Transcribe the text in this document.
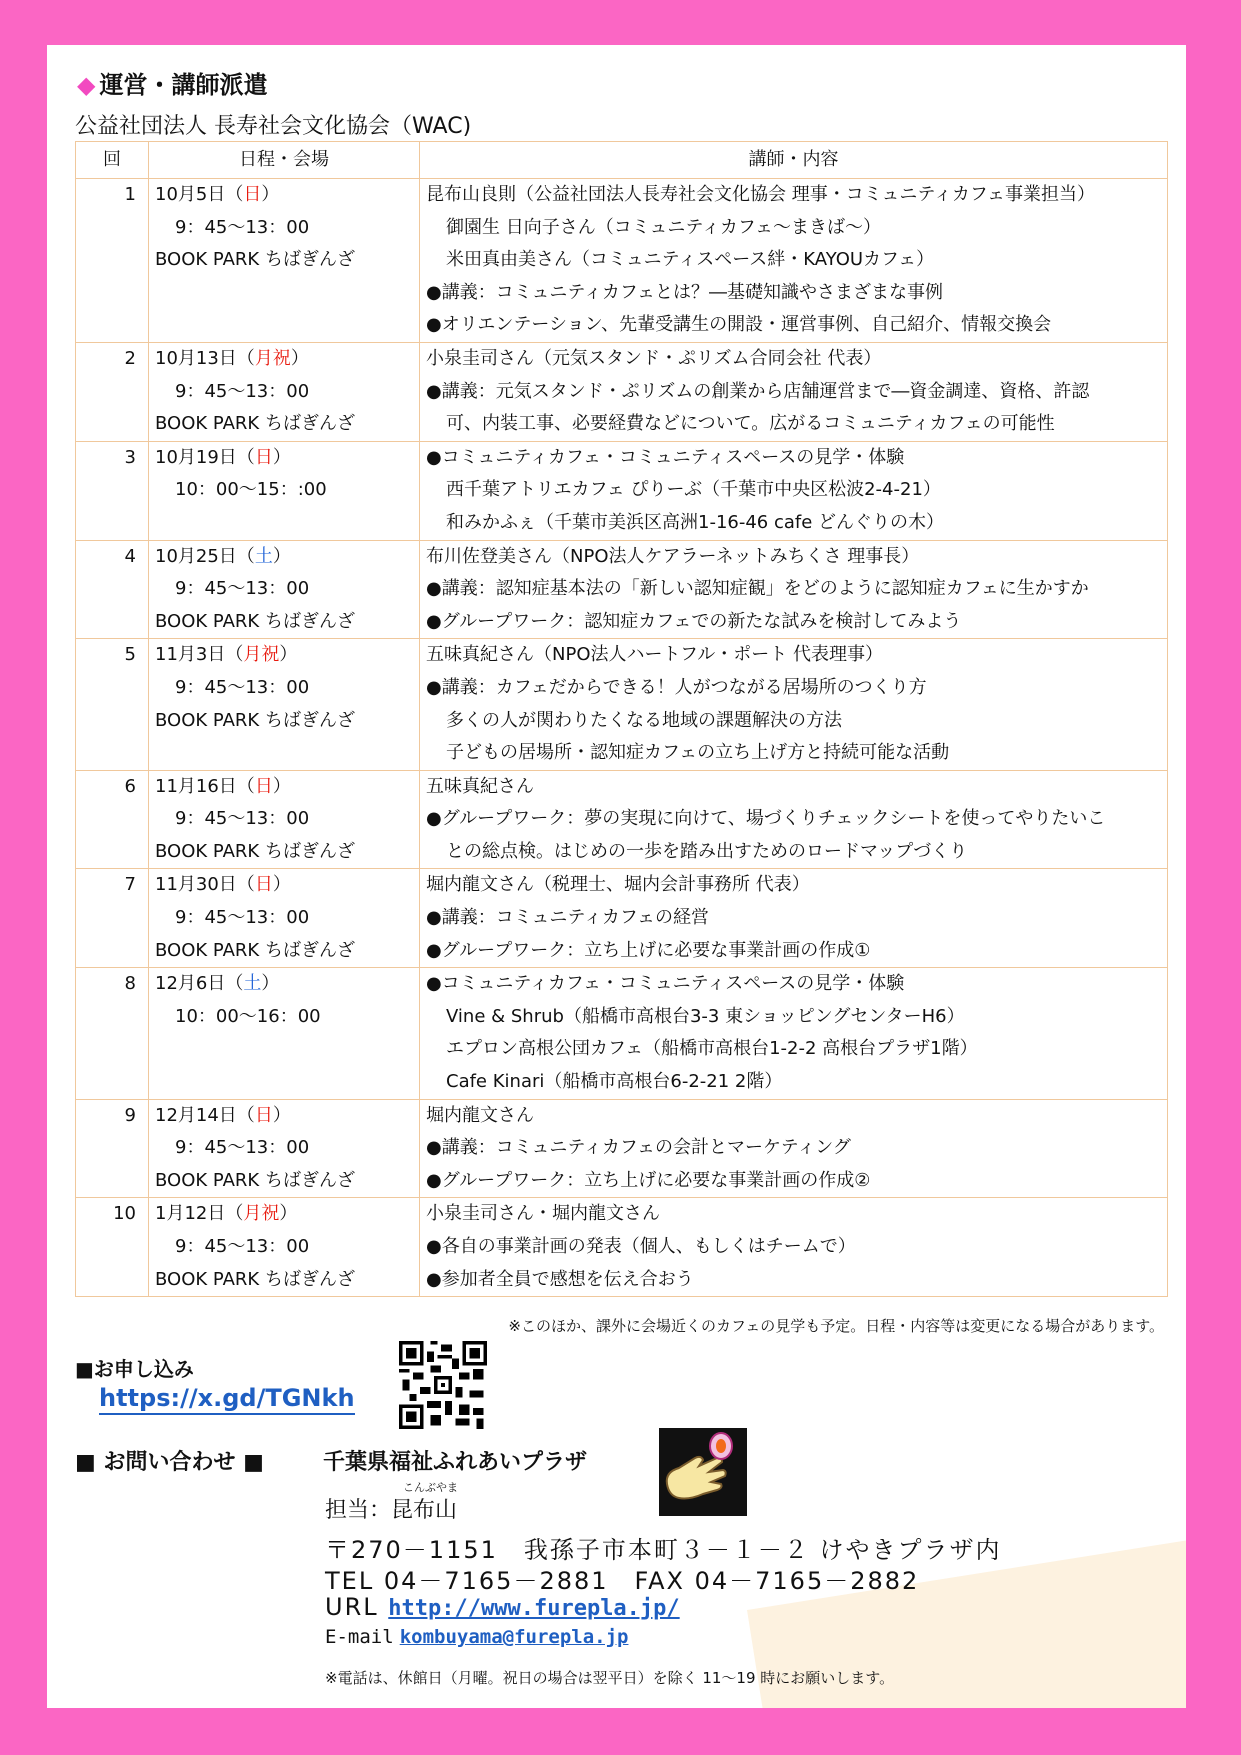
◆ 運営・講師派遣
公益社団法人 長寿社会文化協会（WAC)
回	日程・会場	講師・内容
1	10月5日（日）
9：45～13：00
BOOK PARK ちばぎんざ	昆布山良則（公益社団法人長寿社会文化協会 理事・コミュニティカフェ事業担当）
御園生 日向子さん（コミュニティカフェ～まきば～）
米田真由美さん（コミュニティスペース絆・KAYOUカフェ）
●講義：コミュニティカフェとは？―基礎知識やさまざまな事例
●オリエンテーション、先輩受講生の開設・運営事例、自己紹介、情報交換会

2	10月13日（月祝）
9：45～13：00
BOOK PARK ちばぎんざ	小泉圭司さん（元気スタンド・ぷリズム合同会社 代表）
●講義：元気スタンド・ぷリズムの創業から店舗運営まで―資金調達、資格、許認
可、内装工事、必要経費などについて。広がるコミュニティカフェの可能性

3	10月19日（日）
10：00～15：:00	●コミュニティカフェ・コミュニティスペースの見学・体験
西千葉アトリエカフェ ぴりーぶ（千葉市中央区松波2-4-21）
和みかふぇ（千葉市美浜区高洲1-16-46 cafe どんぐりの木）

4	10月25日（土）
9：45～13：00
BOOK PARK ちばぎんざ	布川佐登美さん（NPO法人ケアラーネットみちくさ 理事長）
●講義：認知症基本法の「新しい認知症観」をどのように認知症カフェに生かすか
●グループワーク：認知症カフェでの新たな試みを検討してみよう

5	11月3日（月祝）
9：45～13：00
BOOK PARK ちばぎんざ	五味真紀さん（NPO法人ハートフル・ポート 代表理事）
●講義：カフェだからできる！人がつながる居場所のつくり方
多くの人が関わりたくなる地域の課題解決の方法
子どもの居場所・認知症カフェの立ち上げ方と持続可能な活動

6	11月16日（日）
9：45～13：00
BOOK PARK ちばぎんざ	五味真紀さん
●グループワーク：夢の実現に向けて、場づくりチェックシートを使ってやりたいこ
との総点検。はじめの一歩を踏み出すためのロードマップづくり

7	11月30日（日）
9：45～13：00
BOOK PARK ちばぎんざ	堀内龍文さん（税理士、堀内会計事務所 代表）
●講義：コミュニティカフェの経営
●グループワーク：立ち上げに必要な事業計画の作成①

8	12月6日（土）
10：00～16：00	●コミュニティカフェ・コミュニティスペースの見学・体験
Vine & Shrub（船橋市高根台3-3 東ショッピングセンターH6）
エプロン高根公団カフェ（船橋市高根台1-2-2 高根台プラザ1階）
Cafe Kinari（船橋市高根台6-2-21 2階）

9	12月14日（日）
9：45～13：00
BOOK PARK ちばぎんざ	堀内龍文さん
●講義：コミュニティカフェの会計とマーケティング
●グループワーク：立ち上げに必要な事業計画の作成②

10	1月12日（月祝）
9：45～13：00
BOOK PARK ちばぎんざ	小泉圭司さん・堀内龍文さん
●各自の事業計画の発表（個人、もしくはチームで）
●参加者全員で感想を伝え合おう
※このほか、課外に会場近くのカフェの見学も予定。日程・内容等は変更になる場合があります。
■お申し込み
https://x.gd/TGNkh
■ お問い合わせ ■	千葉県福祉ふれあいプラザ
担当：昆布山
こんぶやま
〒270－1151　我孫子市本町３－１－２ けやきプラザ内
TEL 04－7165－2881　FAX 04－7165－2882
URL http://www.furepla.jp/
E-mail kombuyama@furepla.jp
※電話は、休館日（月曜。祝日の場合は翌平日）を除く 11～19 時にお願いします。
